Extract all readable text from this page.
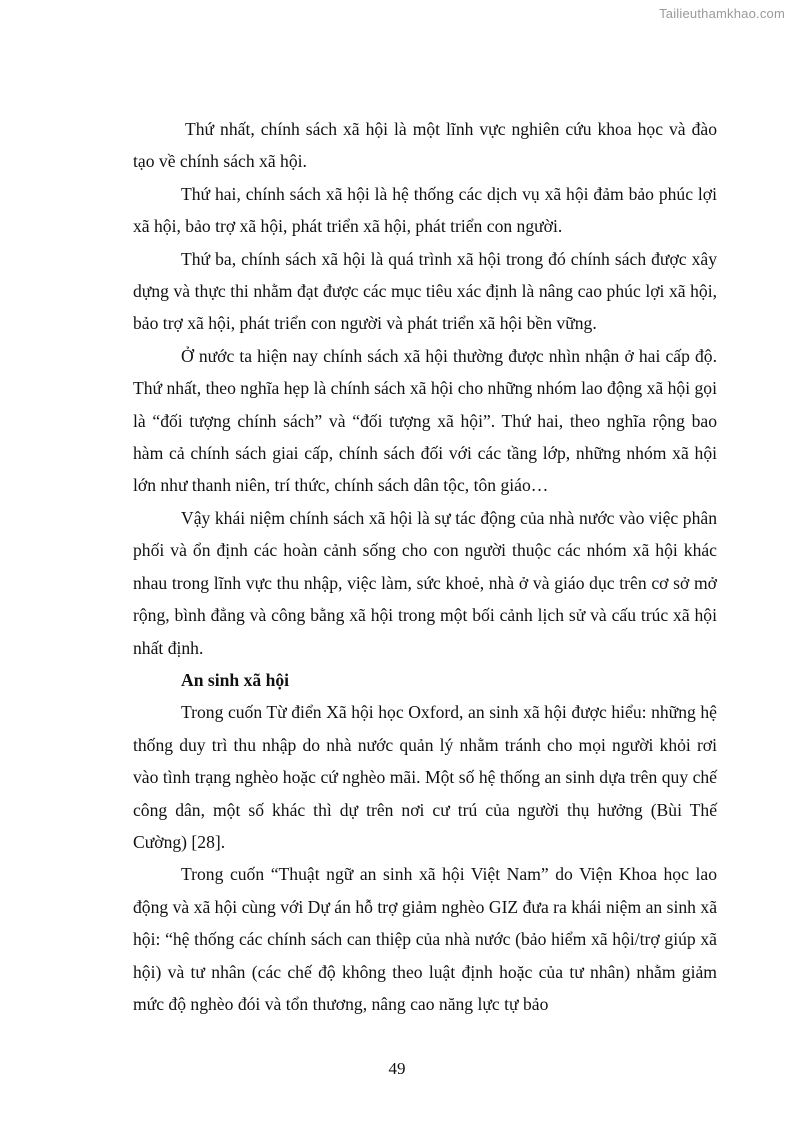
Tailieuthamkhao.com

Thứ nhất, chính sách xã hội là một lĩnh vực nghiên cứu khoa học và đào tạo về chính sách xã hội.

Thứ hai, chính sách xã hội là hệ thống các dịch vụ xã hội đảm bảo phúc lợi xã hội, bảo trợ xã hội, phát triển xã hội, phát triển con người.

Thứ ba, chính sách xã hội là quá trình xã hội trong đó chính sách được xây dựng và thực thi nhằm đạt được các mục tiêu xác định là nâng cao phúc lợi xã hội, bảo trợ xã hội, phát triển con người và phát triển xã hội bền vững.

Ở nước ta hiện nay chính sách xã hội thường được nhìn nhận ở hai cấp độ. Thứ nhất, theo nghĩa hẹp là chính sách xã hội cho những nhóm lao động xã hội gọi là “đối tượng chính sách” và “đối tượng xã hội”. Thứ hai, theo nghĩa rộng bao hàm cả chính sách giai cấp, chính sách đối với các tầng lớp, những nhóm xã hội lớn như thanh niên, trí thức, chính sách dân tộc, tôn giáo…

Vậy khái niệm chính sách xã hội là sự tác động của nhà nước vào việc phân phối và ổn định các hoàn cảnh sống cho con người thuộc các nhóm xã hội khác nhau trong lĩnh vực thu nhập, việc làm, sức khoẻ, nhà ở và giáo dục trên cơ sở mở rộng, bình đẳng và công bằng xã hội trong một bối cảnh lịch sử và cấu trúc xã hội nhất định.

An sinh xã hội

Trong cuốn Từ điển Xã hội học Oxford, an sinh xã hội được hiểu: những hệ thống duy trì thu nhập do nhà nước quản lý nhằm tránh cho mọi người khỏi rơi vào tình trạng nghèo hoặc cứ nghèo mãi. Một số hệ thống an sinh dựa trên quy chế công dân, một số khác thì dự trên nơi cư trú của người thụ hưởng (Bùi Thế Cường) [28].

Trong cuốn “Thuật ngữ an sinh xã hội Việt Nam” do Viện Khoa học lao động và xã hội cùng với Dự án hỗ trợ giảm nghèo GIZ đưa ra khái niệm an sinh xã hội: “hệ thống các chính sách can thiệp của nhà nước (bảo hiểm xã hội/trợ giúp xã hội) và tư nhân (các chế độ không theo luật định hoặc của tư nhân) nhằm giảm mức độ nghèo đói và tổn thương, nâng cao năng lực tự bảo

49
